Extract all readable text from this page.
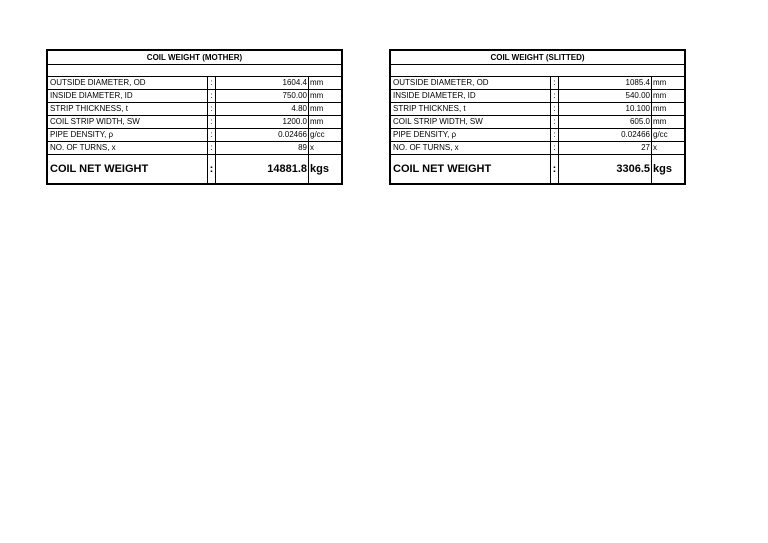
COIL WEIGHT (MOTHER)
OUTSIDE DIAMETER, OD	:	1604.4 mm
INSIDE DIAMETER, ID	:	750.00 mm
STRIP THICKNESS, t	:	4.80 mm
COIL STRIP WIDTH, SW	:	1200.0 mm
PIPE DENSITY, ρ	:	0.02466 g/cc
NO. OF TURNS, x	:	89 x
COIL NET WEIGHT	:	14881.8 kgs
COIL WEIGHT (SLITTED)
OUTSIDE DIAMETER, OD	:	1085.4 mm
INSIDE DIAMETER, ID	:	540.00 mm
STRIP THICKNES, t	:	10.100 mm
COIL STRIP WIDTH, SW	:	605.0 mm
PIPE DENSITY, ρ	:	0.02466 g/cc
NO. OF TURNS, x	:	27 x
COIL NET WEIGHT	:	3306.5 kgs
